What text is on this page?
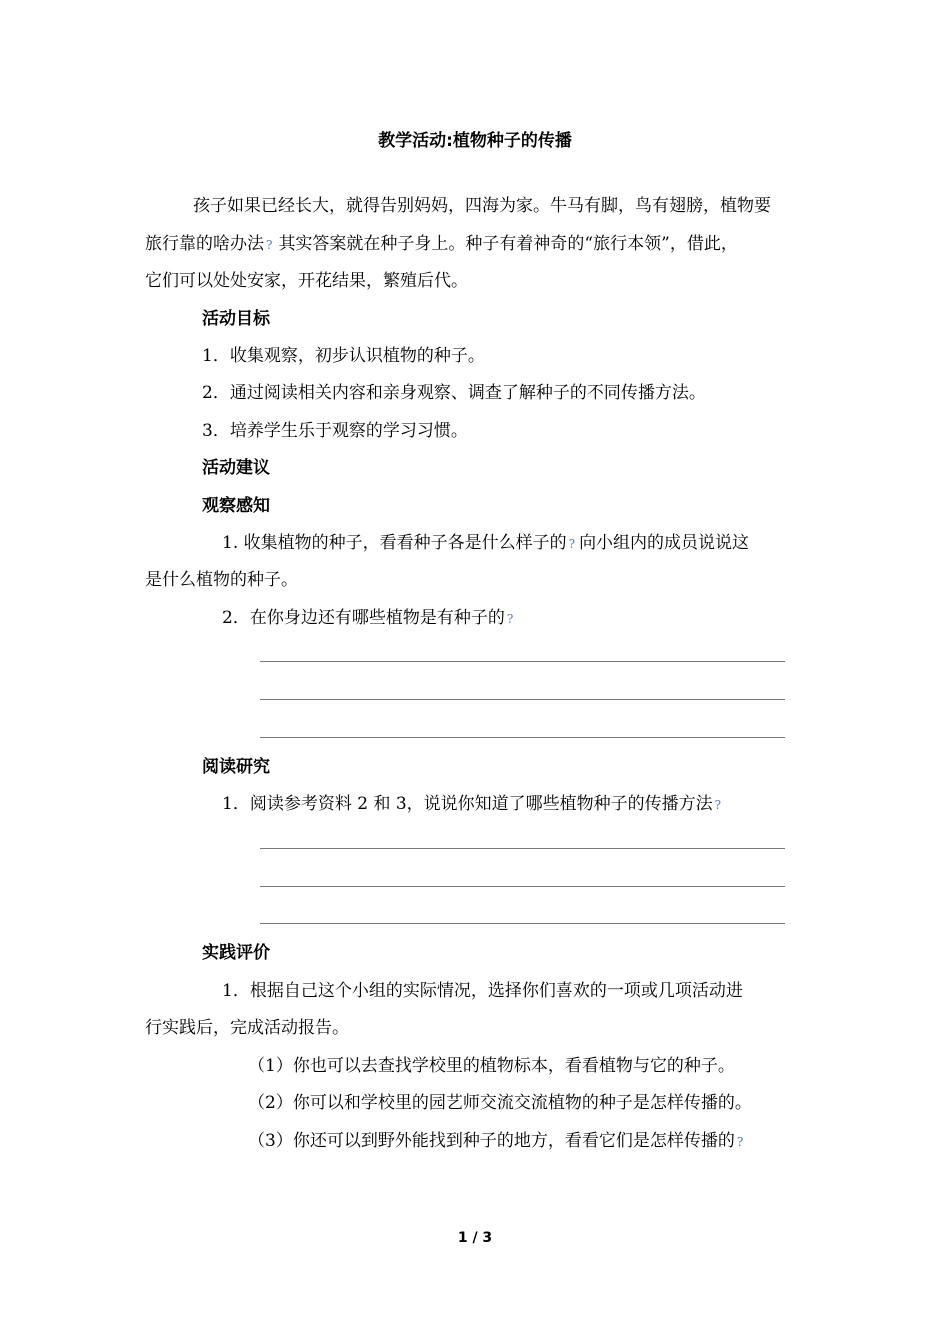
教学活动:植物种子的传播
孩子如果已经长大，就得告别妈妈，四海为家。牛马有脚，鸟有翅膀，植物要
旅行靠的啥办法 ? 其实答案就在种子身上。种子有着神奇的“旅行本领”，借此，
它们可以处处安家，开花结果，繁殖后代。
活动目标
1．收集观察，初步认识植物的种子。
2．通过阅读相关内容和亲身观察、调查了解种子的不同传播方法。
3．培养学生乐于观察的学习习惯。
活动建议
观察感知
1. 收集植物的种子，看看种子各是什么样子的 ? 向小组内的成员说说这
是什么植物的种子。
2．在你身边还有哪些植物是有种子的 ?
阅读研究
1．阅读参考资料 2 和 3，说说你知道了哪些植物种子的传播方法 ?
实践评价
1．根据自己这个小组的实际情况，选择你们喜欢的一项或几项活动进
行实践后，完成活动报告。
（1）你也可以去查找学校里的植物标本，看看植物与它的种子。
（2）你可以和学校里的园艺师交流交流植物的种子是怎样传播的。
（3）你还可以到野外能找到种子的地方，看看它们是怎样传播的 ?
1 / 3
